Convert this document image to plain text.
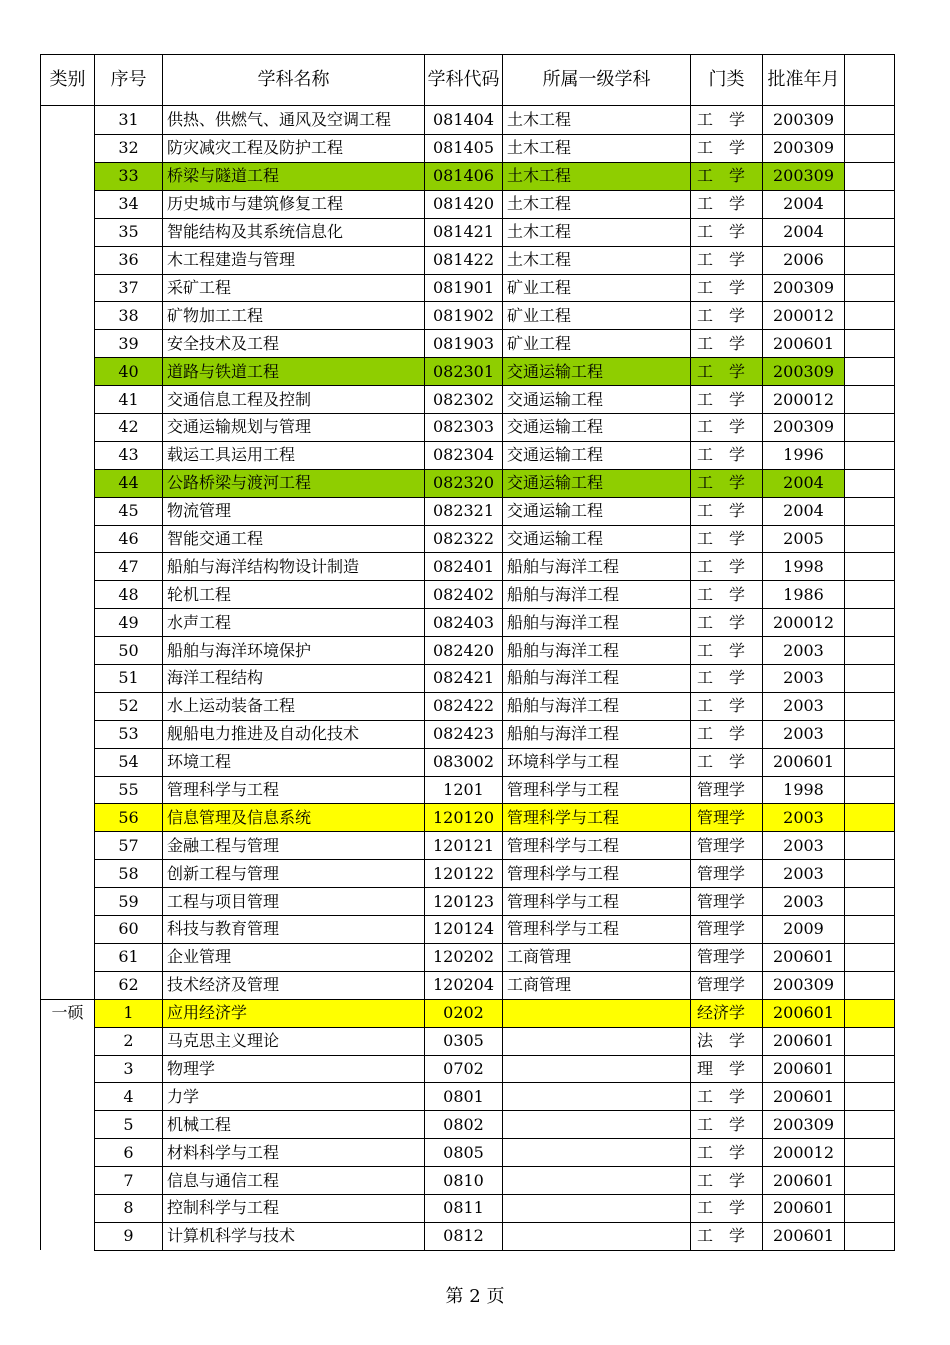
类别	序号	学科名称	学科代码	所属一级学科	门类	批准年月	
	31	供热、供燃气、通风及空调工程	081404	土木工程	工　学	200309	
	32	防灾减灾工程及防护工程	081405	土木工程	工　学	200309	
	33	桥梁与隧道工程	081406	土木工程	工　学	200309	
	34	历史城市与建筑修复工程	081420	土木工程	工　学	2004	
	35	智能结构及其系统信息化	081421	土木工程	工　学	2004	
	36	木工程建造与管理	081422	土木工程	工　学	2006	
	37	采矿工程	081901	矿业工程	工　学	200309	
	38	矿物加工工程	081902	矿业工程	工　学	200012	
	39	安全技术及工程	081903	矿业工程	工　学	200601	
	40	道路与铁道工程	082301	交通运输工程	工　学	200309	
	41	交通信息工程及控制	082302	交通运输工程	工　学	200012	
	42	交通运输规划与管理	082303	交通运输工程	工　学	200309	
	43	载运工具运用工程	082304	交通运输工程	工　学	1996	
	44	公路桥梁与渡河工程	082320	交通运输工程	工　学	2004	
	45	物流管理	082321	交通运输工程	工　学	2004	
	46	智能交通工程	082322	交通运输工程	工　学	2005	
	47	船舶与海洋结构物设计制造	082401	船舶与海洋工程	工　学	1998	
	48	轮机工程	082402	船舶与海洋工程	工　学	1986	
	49	水声工程	082403	船舶与海洋工程	工　学	200012	
	50	船舶与海洋环境保护	082420	船舶与海洋工程	工　学	2003	
	51	海洋工程结构	082421	船舶与海洋工程	工　学	2003	
	52	水上运动装备工程	082422	船舶与海洋工程	工　学	2003	
	53	舰船电力推进及自动化技术	082423	船舶与海洋工程	工　学	2003	
	54	环境工程	083002	环境科学与工程	工　学	200601	
	55	管理科学与工程	1201	管理科学与工程	管理学	1998	
	56	信息管理及信息系统	120120	管理科学与工程	管理学	2003	
	57	金融工程与管理	120121	管理科学与工程	管理学	2003	
	58	创新工程与管理	120122	管理科学与工程	管理学	2003	
	59	工程与项目管理	120123	管理科学与工程	管理学	2003	
	60	科技与教育管理	120124	管理科学与工程	管理学	2009	
	61	企业管理	120202	工商管理	管理学	200601	
	62	技术经济及管理	120204	工商管理	管理学	200309	
一硕	1	应用经济学	0202		经济学	200601	
	2	马克思主义理论	0305		法　学	200601	
	3	物理学	0702		理　学	200601	
	4	力学	0801		工　学	200601	
	5	机械工程	0802		工　学	200309	
	6	材料科学与工程	0805		工　学	200012	
	7	信息与通信工程	0810		工　学	200601	
	8	控制科学与工程	0811		工　学	200601	
	9	计算机科学与技术	0812		工　学	200601	
第 2 页
